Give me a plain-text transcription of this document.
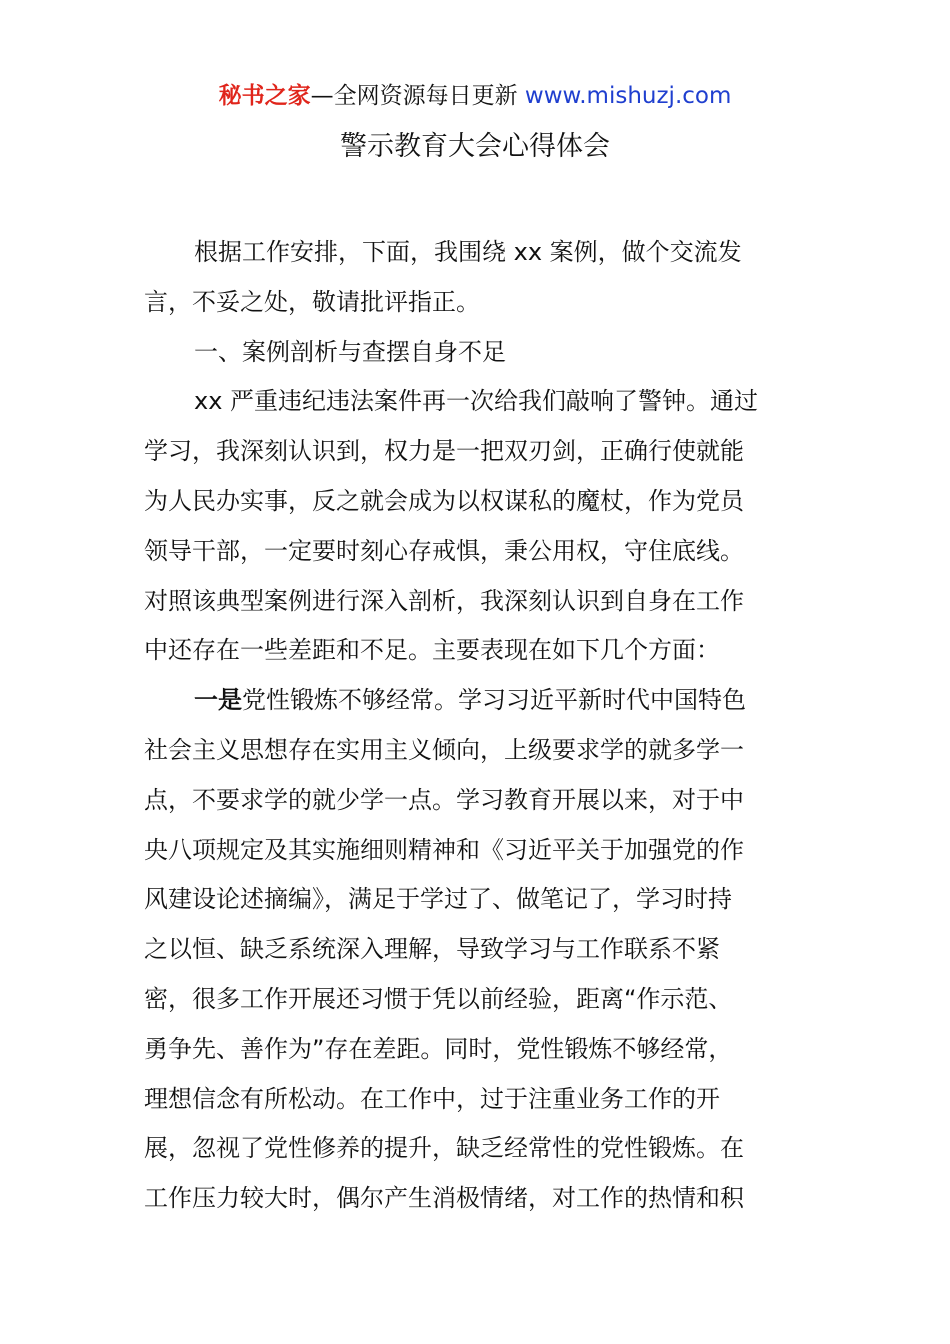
秘书之家—全网资源每日更新 www.mishuzj.com
警示教育大会心得体会
根据工作安排，下面，我围绕 xx 案例，做个交流发
言，不妥之处，敬请批评指正。
一、案例剖析与查摆自身不足
xx 严重违纪违法案件再一次给我们敲响了警钟。通过
学习，我深刻认识到，权力是一把双刃剑，正确行使就能
为人民办实事，反之就会成为以权谋私的魔杖，作为党员
领导干部，一定要时刻心存戒惧，秉公用权，守住底线。
对照该典型案例进行深入剖析，我深刻认识到自身在工作
中还存在一些差距和不足。主要表现在如下几个方面：
一是党性锻炼不够经常。学习习近平新时代中国特色
社会主义思想存在实用主义倾向，上级要求学的就多学一
点，不要求学的就少学一点。学习教育开展以来，对于中
央八项规定及其实施细则精神和《习近平关于加强党的作
风建设论述摘编》，满足于学过了、做笔记了，学习时持
之以恒、缺乏系统深入理解，导致学习与工作联系不紧
密，很多工作开展还习惯于凭以前经验，距离“作示范、
勇争先、善作为”存在差距。同时，党性锻炼不够经常，
理想信念有所松动。在工作中，过于注重业务工作的开
展，忽视了党性修养的提升，缺乏经常性的党性锻炼。在
工作压力较大时，偶尔产生消极情绪，对工作的热情和积
